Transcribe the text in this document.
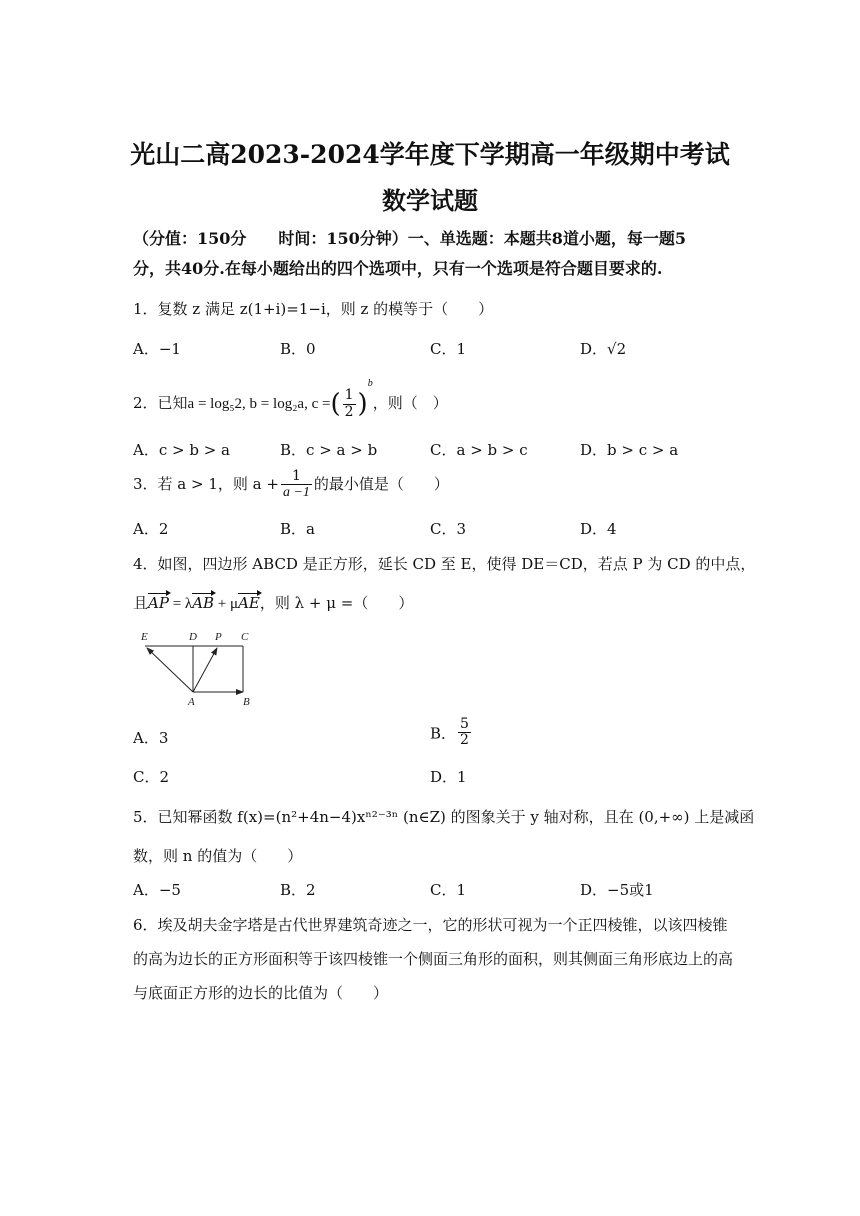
光山二高2023-2024学年度下学期高一年级期中考试
数学试题
（分值：150分　　时间：150分钟）一、单选题：本题共8道小题，每一题5
分，共40分.在每小题给出的四个选项中，只有一个选项是符合题目要求的.
1．复数 z 满足 z(1+i)=1−i，则 z 的模等于（　　）
A．−1	B．0	C．1	D．√2
2．已知a = log₅2, b = log₂a, c =( $\frac{1}{2} )^b$，则（　）
A．c > b > a	B．c > a > b	C．a > b > c	D．b > c > a
3．若 a > 1，则 $a + \frac{1}{a -1}$ 的最小值是（　　）
A．2	B．a	C．3	D．4
4．如图，四边形 ABCD 是正方形，延长 CD 至 E，使得 DE＝CD，若点 P 为 CD 的中点，
且AP = λAB + μAE，则 λ + μ =（　　）
E	D P C
A	B
A．3	B． $\frac{5}{2}$
C．2	D．1
5．已知幂函数 f(x)=(n²+4n−4)xⁿ²⁻³ⁿ (n∈Z) 的图象关于 y 轴对称，且在 (0,+∞) 上是减函
数，则 n 的值为（　　）
A．−5	B．2	C．1	D．−5或1
6．埃及胡夫金字塔是古代世界建筑奇迹之一，它的形状可视为一个正四棱锥，以该四棱锥
的高为边长的正方形面积等于该四棱锥一个侧面三角形的面积，则其侧面三角形底边上的高
与底面正方形的边长的比值为（　　）
